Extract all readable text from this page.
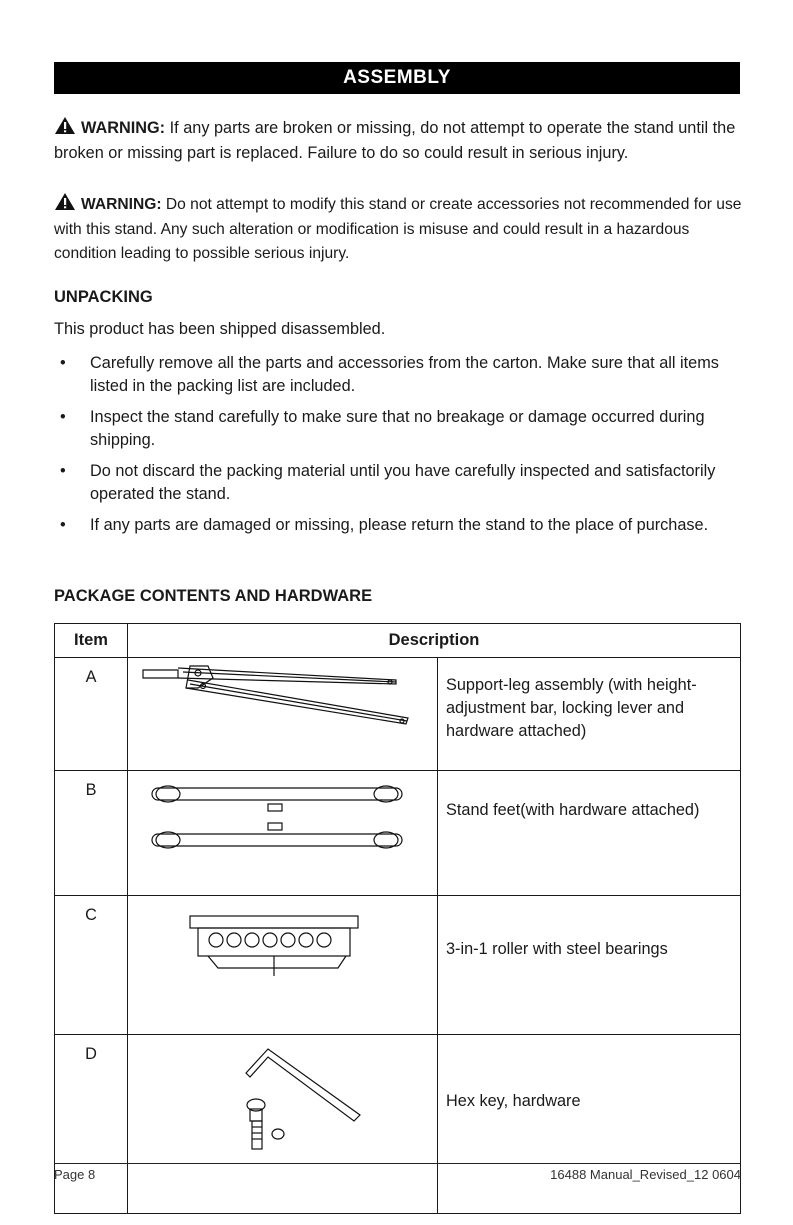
ASSEMBLY
WARNING: If any parts are broken or missing, do not attempt to operate the stand until the broken or missing part is replaced. Failure to do so could result in serious injury.
WARNING: Do not attempt to modify this stand or create accessories not recommended for use with this stand. Any such alteration or modification is misuse and could result in a hazardous condition leading to possible serious injury.
UNPACKING
This product has been shipped disassembled.
• Carefully remove all the parts and accessories from the carton. Make sure that all items listed in the packing list are included.
• Inspect the stand carefully to make sure that no breakage or damage occurred during shipping.
• Do not discard the packing material until you have carefully inspected and satisfactorily operated the stand.
• If any parts are damaged or missing, please return the stand to the place of purchase.
PACKAGE CONTENTS AND HARDWARE
Item	Description	
A		Support-leg assembly (with height-adjustment bar, locking lever and hardware attached)
B		Stand feet(with hardware attached)
C		3-in-1 roller with steel bearings
D		Hex key, hardware
Page 8	16488 Manual_Revised_12 0604
